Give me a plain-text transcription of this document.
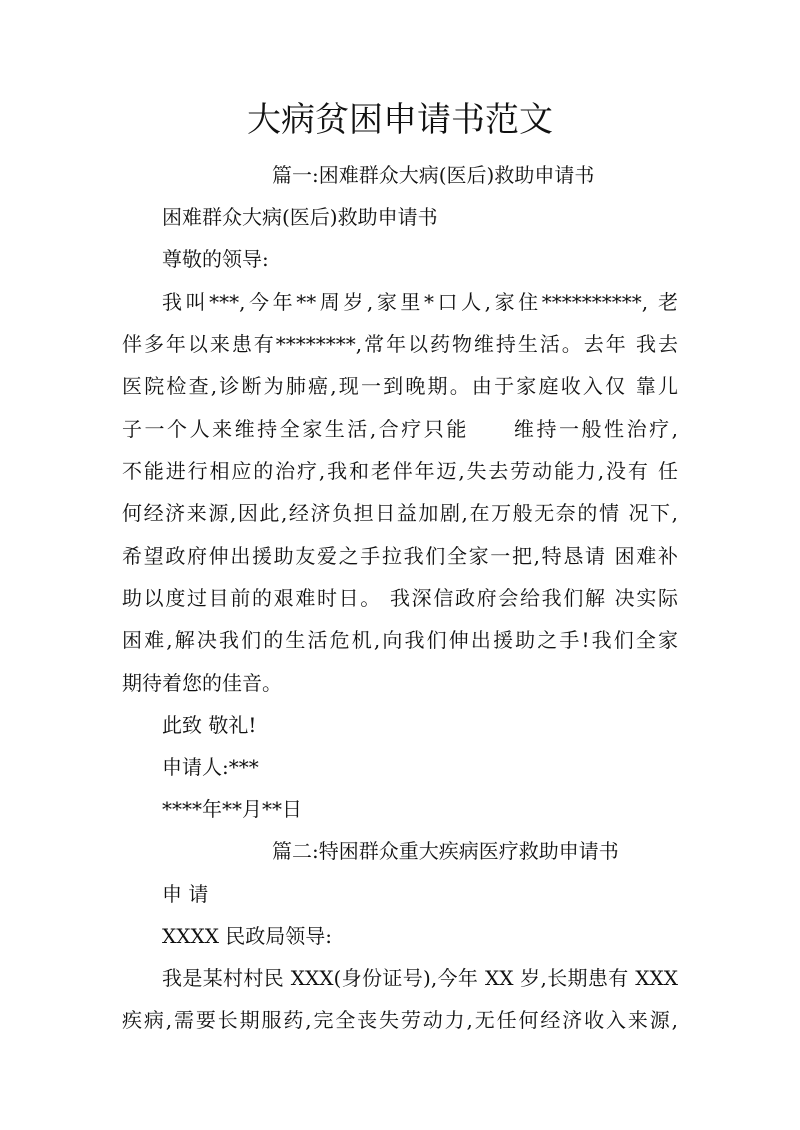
大病贫困申请书范文
篇一:困难群众大病(医后)救助申请书
困难群众大病(医后)救助申请书
尊敬的领导:
我叫***,今年**周岁,家里*口人,家住**********, 老
伴多年以来患有********,常年以药物维持生活。去年 我去
医院检查,诊断为肺癌,现一到晚期。由于家庭收入仅 靠儿
子一个人来维持全家生活,合疗只能　　维持一般性治疗,
不能进行相应的治疗,我和老伴年迈,失去劳动能力,没有 任
何经济来源,因此,经济负担日益加剧,在万般无奈的情 况下,
希望政府伸出援助友爱之手拉我们全家一把,特恳请 困难补
助以度过目前的艰难时日。 我深信政府会给我们解 决实际
困难,解决我们的生活危机,向我们伸出援助之手!我们全家
期待着您的佳音。
此致 敬礼!
申请人:***
****年**月**日
篇二:特困群众重大疾病医疗救助申请书
申 请
XXXX 民政局领导:
我是某村村民 XXX(身份证号),今年 XX 岁,长期患有 XXX
疾病,需要长期服药,完全丧失劳动力,无任何经济收入来源,
